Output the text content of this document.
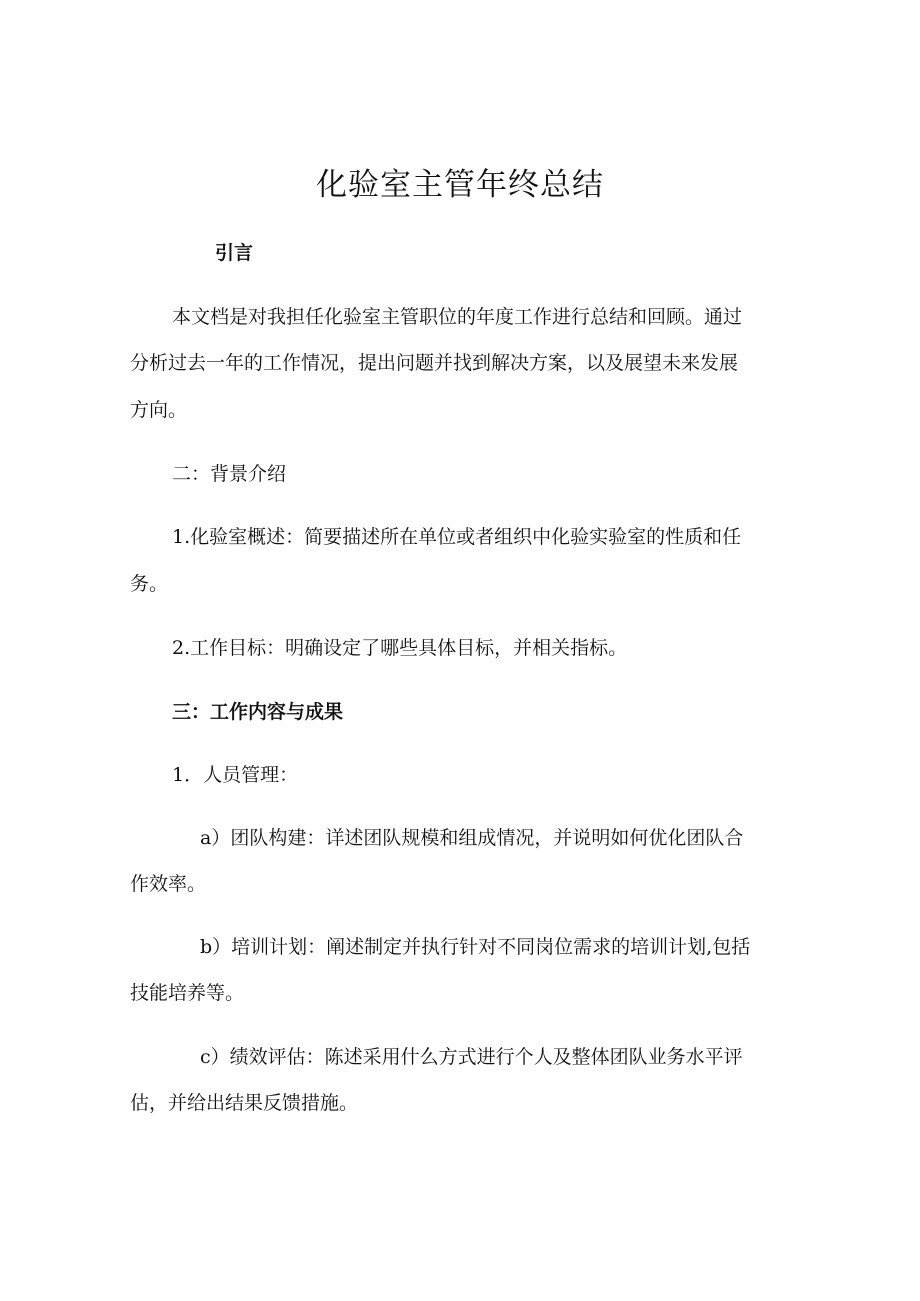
化验室主管年终总结

引言

本文档是对我担任化验室主管职位的年度工作进行总结和回顾。通过

分析过去一年的工作情况，提出问题并找到解决方案，以及展望未来发展

方向。

二：背景介绍

1.化验室概述：简要描述所在单位或者组织中化验实验室的性质和任

务。

2.工作目标：明确设定了哪些具体目标，并相关指标。

三：工作内容与成果

1．人员管理：

a）团队构建：详述团队规模和组成情况，并说明如何优化团队合

作效率。

b）培训计划：阐述制定并执行针对不同岗位需求的培训计划,包括

技能培养等。

c）绩效评估：陈述采用什么方式进行个人及整体团队业务水平评

估，并给出结果反馈措施。
